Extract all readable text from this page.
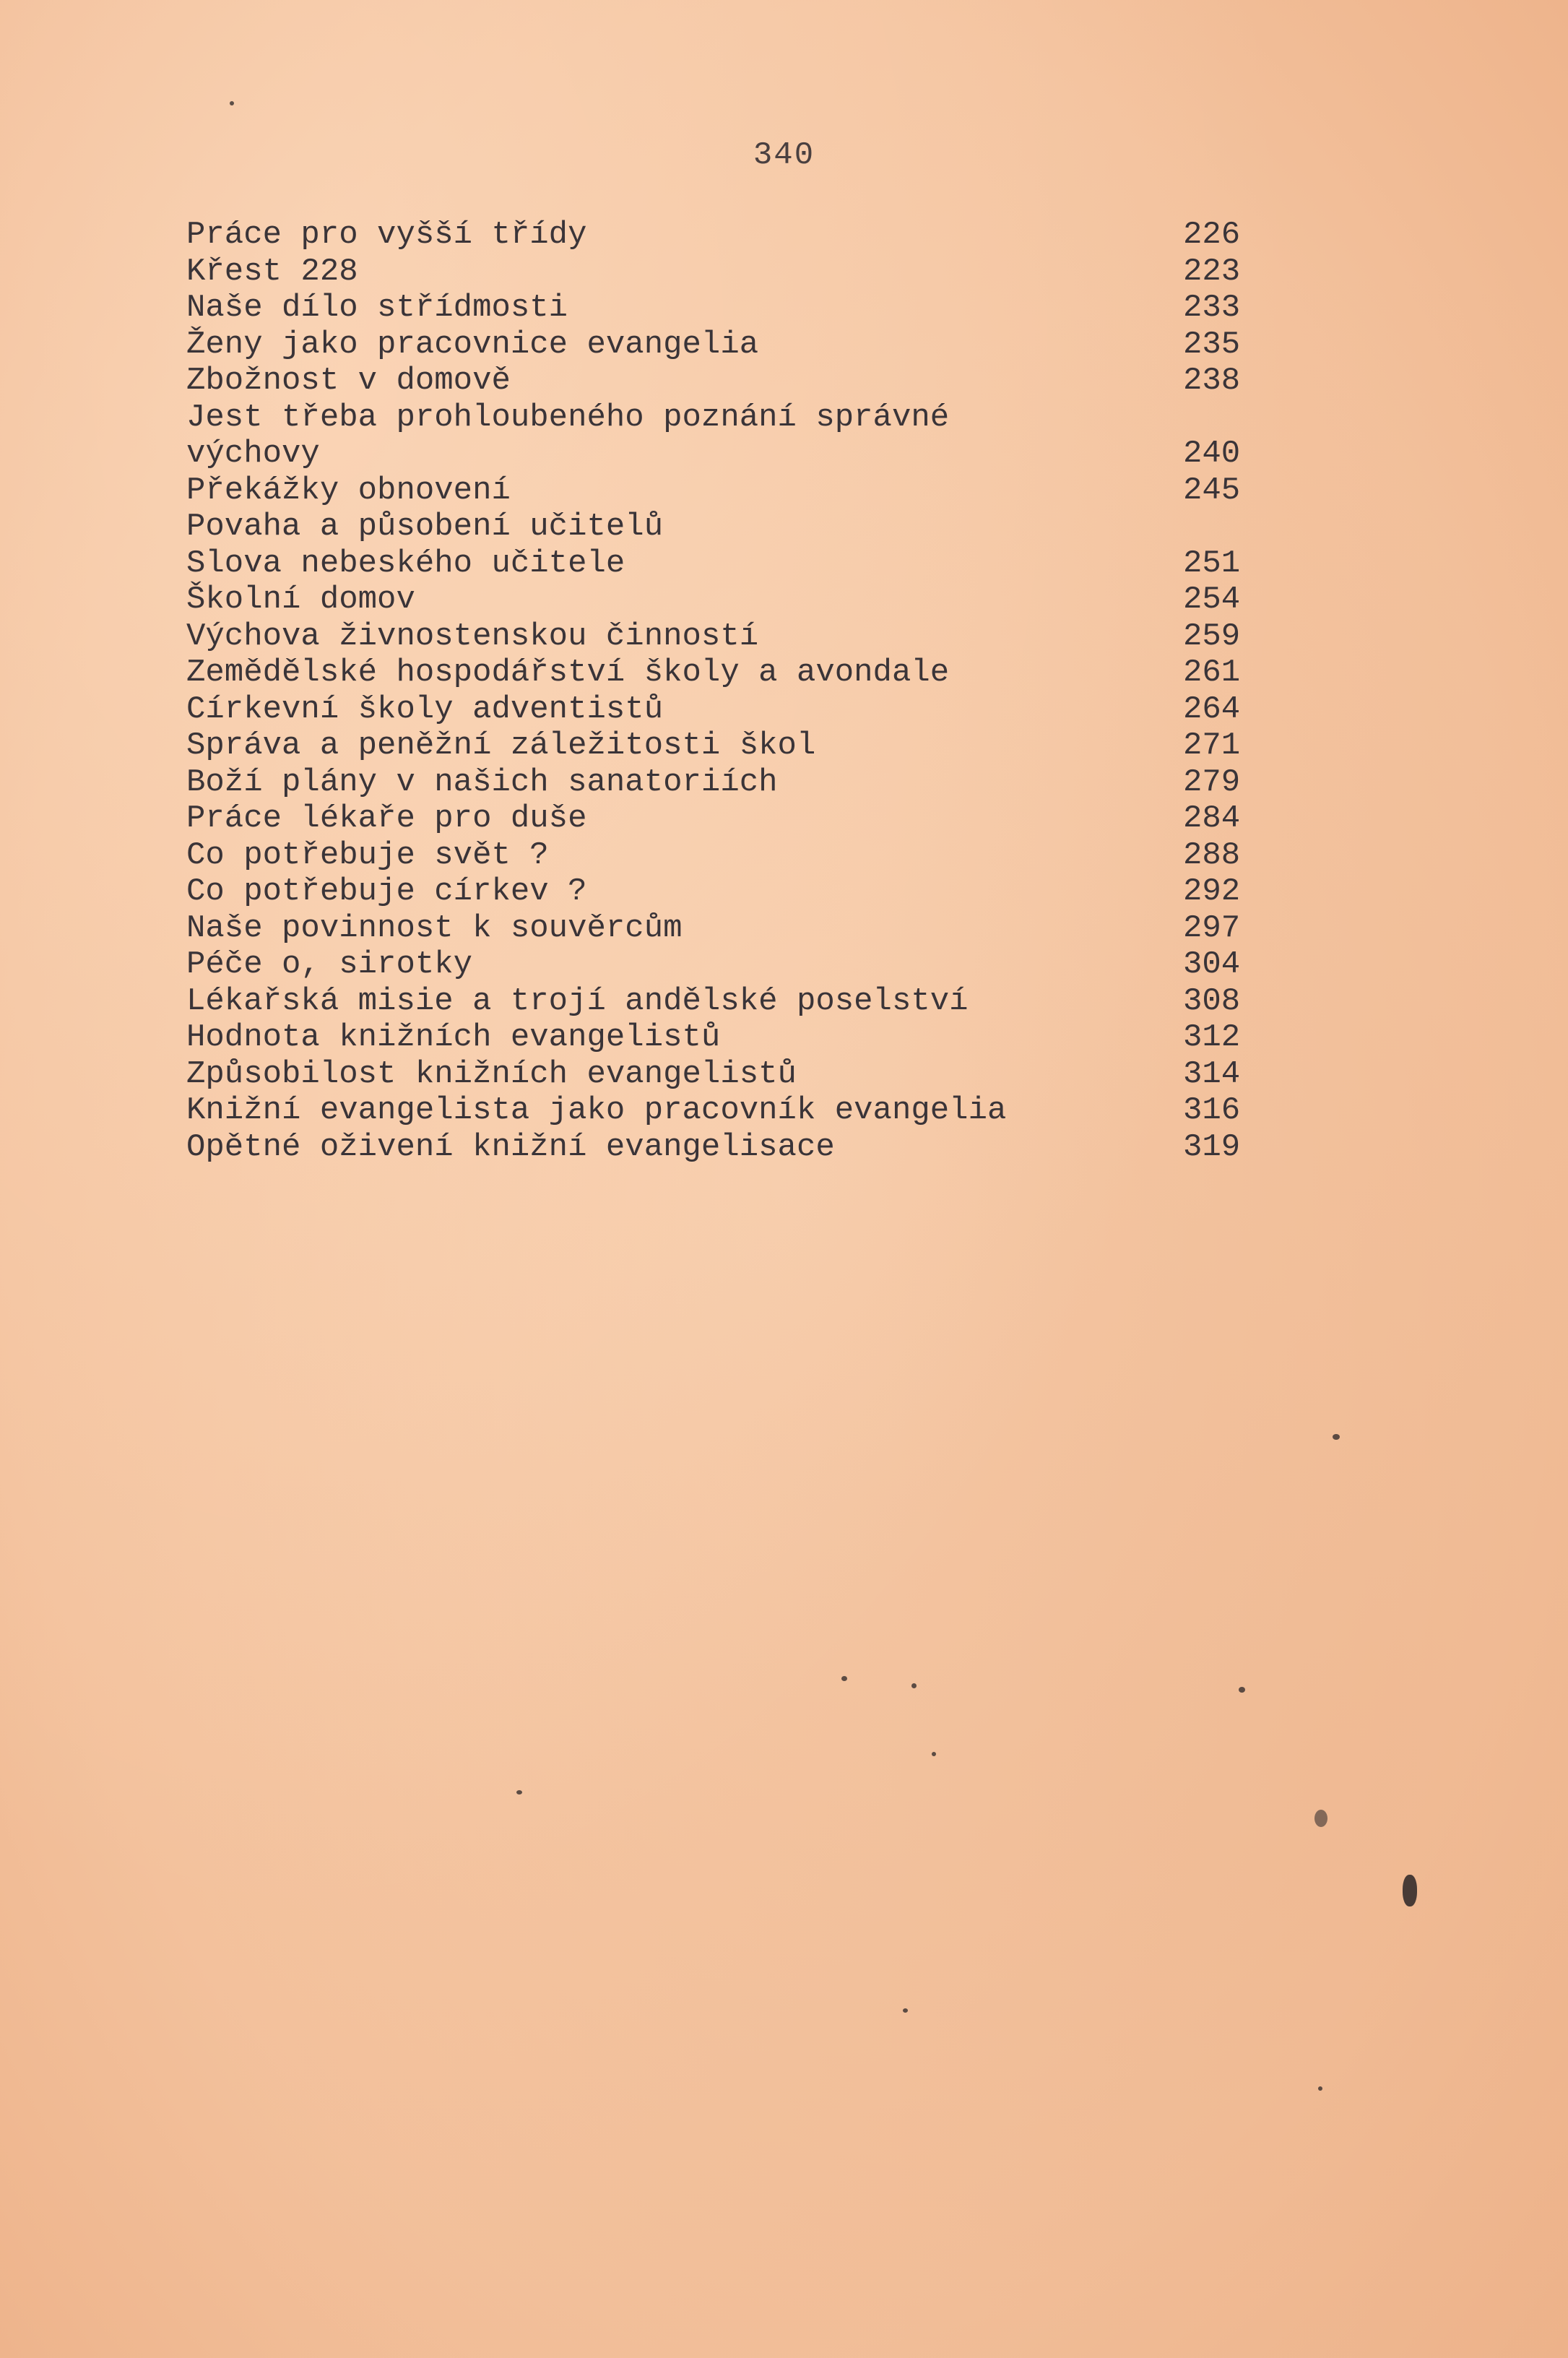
340
Práce pro vyšší třídy	226
Křest 228	223
Naše dílo střídmosti	233
Ženy jako pracovnice evangelia	235
Zbožnost v domově	238
Jest třeba prohloubeného poznání správné
výchovy	240
Překážky obnovení	245
Povaha a působení učitelů
Slova nebeského učitele	251
Školní domov	254
Výchova živnostenskou činností	259
Zemědělské hospodářství školy a avondale	261
Církevní školy adventistů	264
Správa a peněžní záležitosti škol	271
Boží plány v našich sanatoriích	279
Práce lékaře pro duše	284
Co potřebuje svět ?	288
Co potřebuje církev ?	292
Naše povinnost k souvěrcům	297
Péče o, sirotky	304
Lékařská misie a trojí andělské poselství	308
Hodnota knižních evangelistů	312
Způsobilost knižních evangelistů	314
Knižní evangelista jako pracovník evangelia	316
Opětné oživení knižní evangelisace	319
